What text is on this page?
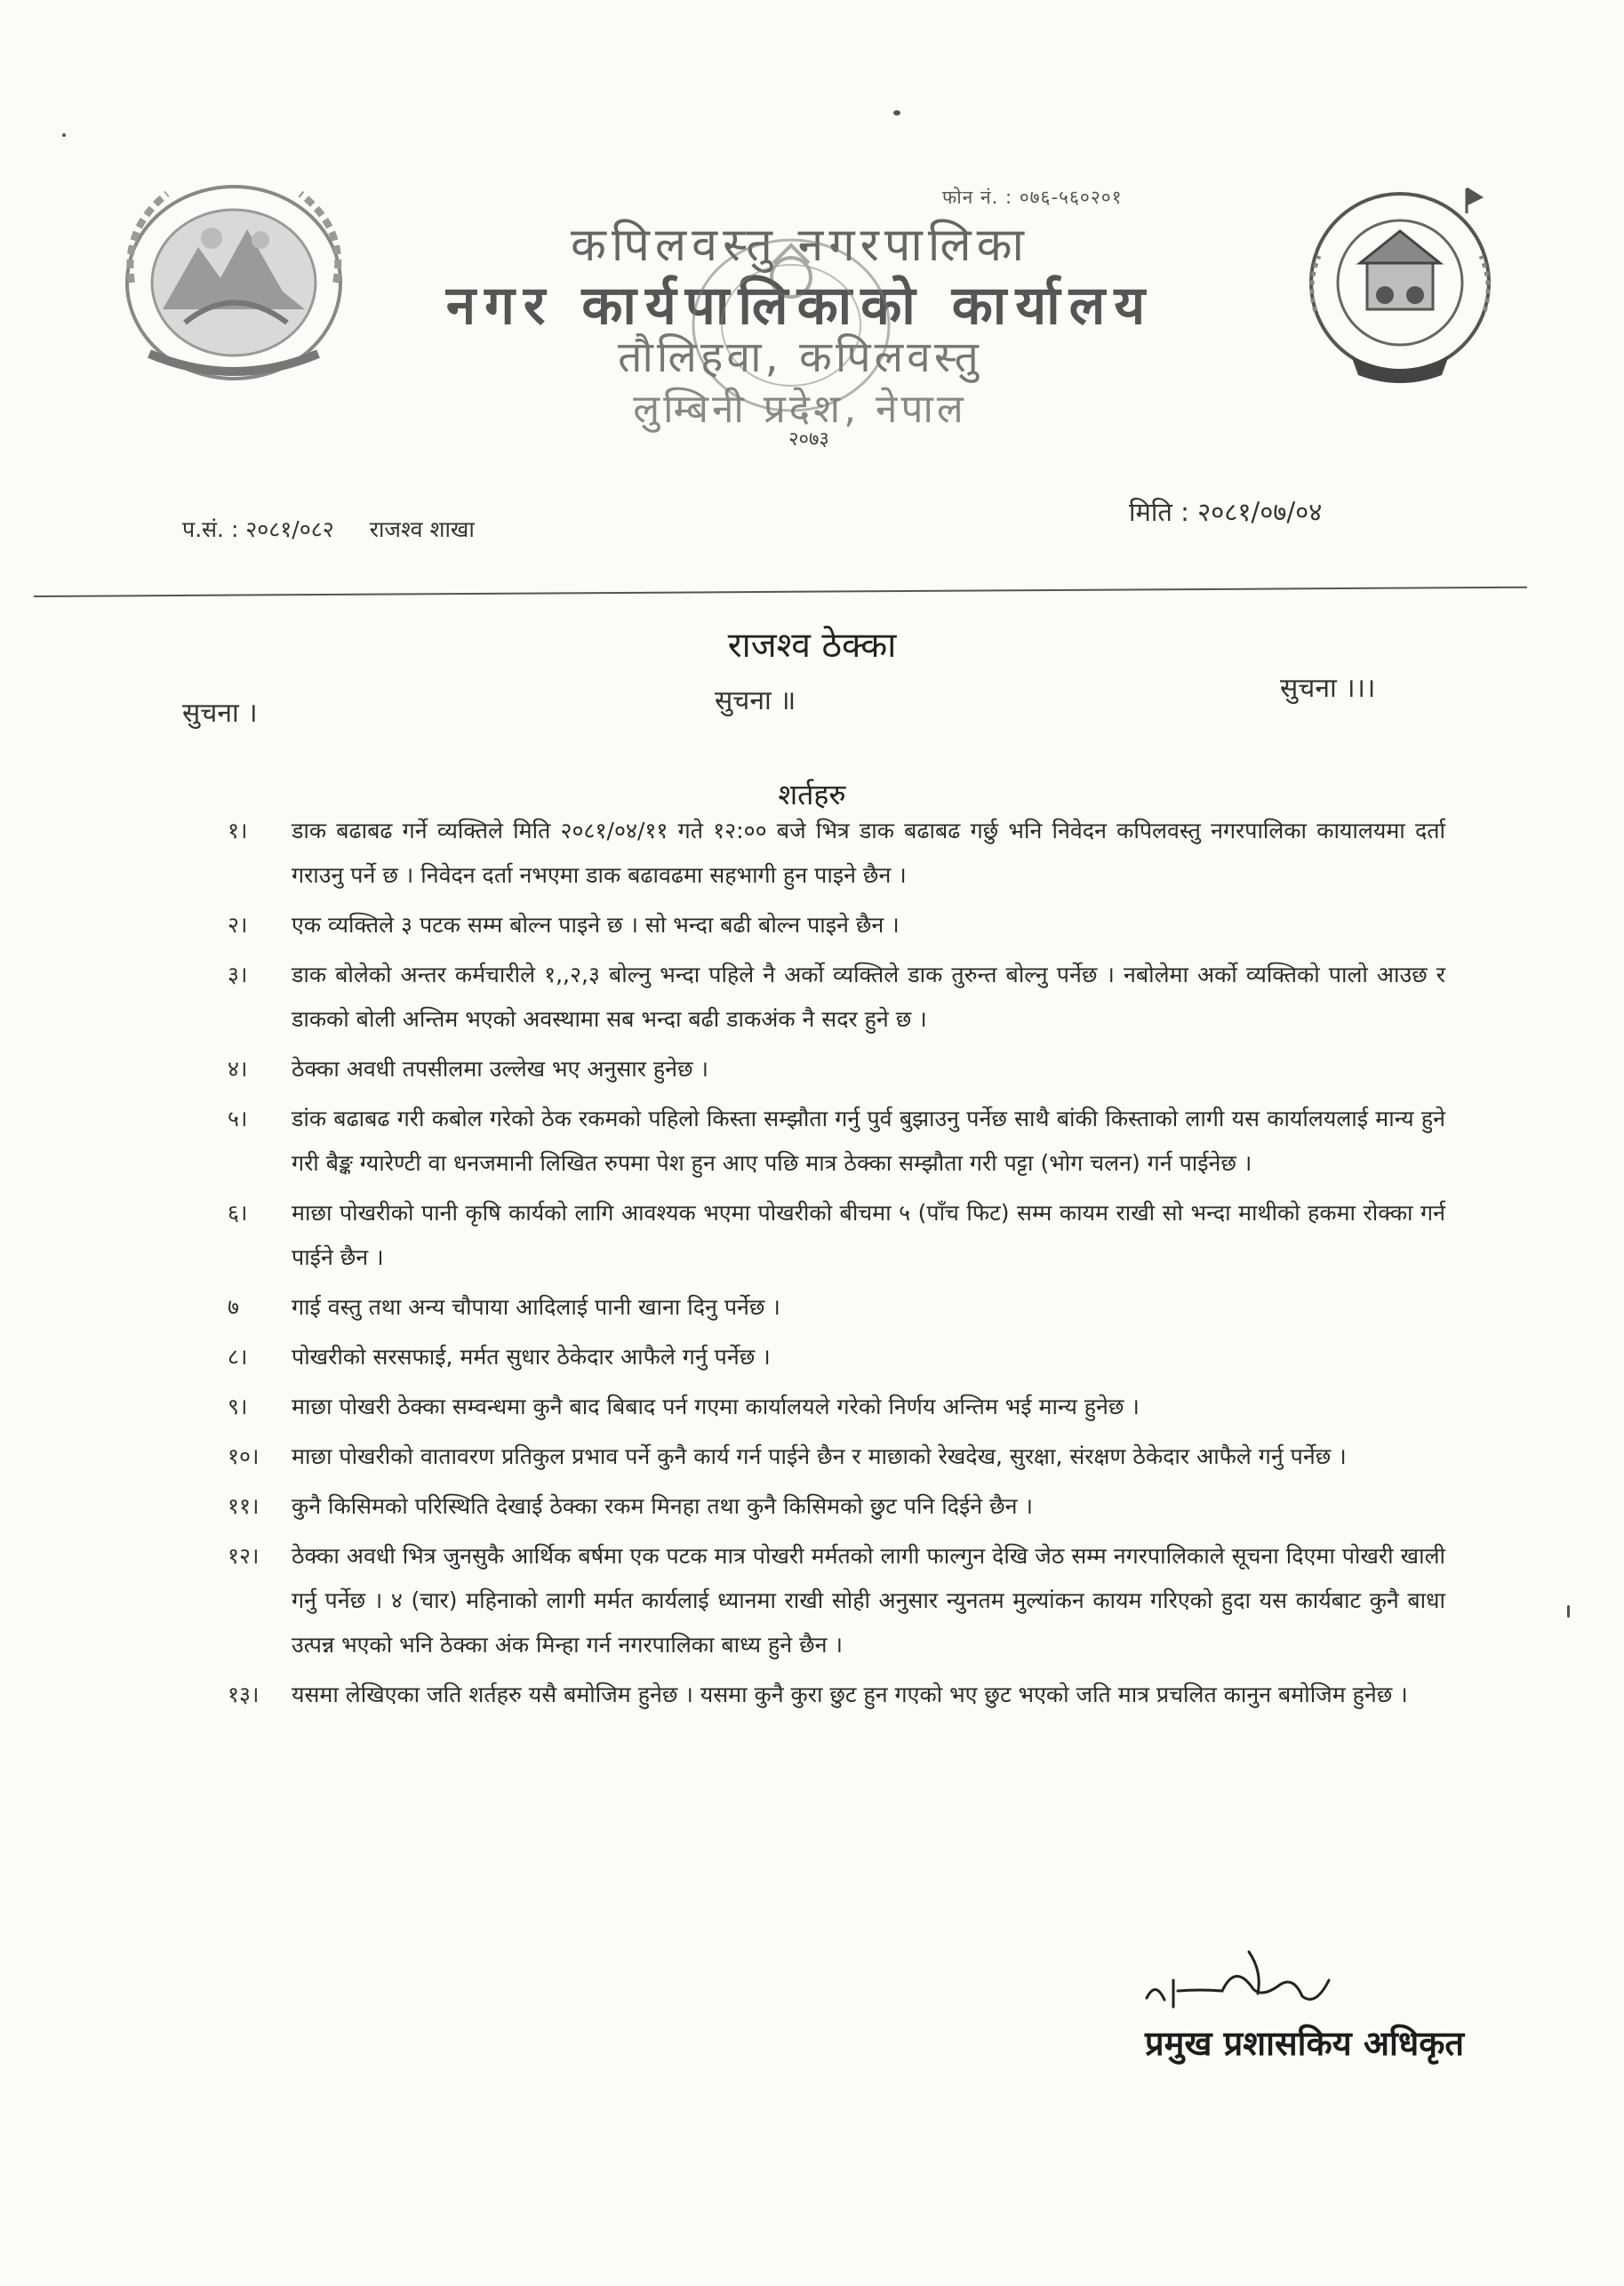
फोन नं. : ०७६-५६०२०१
कपिलवस्तु नगरपालिका
नगर कार्यपालिकाको कार्यालय
तौलिहवा, कपिलवस्तु
लुम्बिनी प्रदेश, नेपाल
२०७३
प.सं. : २०८१/०८२ राजश्व शाखा
मिति : २०८१/०७/०४
राजश्व ठेक्का
सुचना ।	सुचना ॥	सुचना ।।।
शर्तहरु
१।	डाक बढाबढ गर्ने व्यक्तिले मिति २०८१/०४/११ गते १२:०० बजे भित्र डाक बढाबढ गर्छु भनि निवेदन कपिलवस्तु नगरपालिका कायालयमा दर्ता गराउनु पर्ने छ । निवेदन दर्ता नभएमा डाक बढावढमा सहभागी हुन पाइने छैन ।
२।	एक व्यक्तिले ३ पटक सम्म बोल्न पाइने छ । सो भन्दा बढी बोल्न पाइने छैन ।
३।	डाक बोलेको अन्तर कर्मचारीले १,,२,३ बोल्नु भन्दा पहिले नै अर्को व्यक्तिले डाक तुरुन्त बोल्नु पर्नेछ । नबोलेमा अर्को व्यक्तिको पालो आउछ र डाकको बोली अन्तिम भएको अवस्थामा सब भन्दा बढी डाकअंक नै सदर हुने छ ।
४।	ठेक्का अवधी तपसीलमा उल्लेख भए अनुसार हुनेछ ।
५।	डांक बढाबढ गरी कबोल गरेको ठेक रकमको पहिलो किस्ता सम्झौता गर्नु पुर्व बुझाउनु पर्नेछ साथै बांकी किस्ताको लागी यस कार्यालयलाई मान्य हुने गरी बैङ्क ग्यारेण्टी वा धनजमानी लिखित रुपमा पेश हुन आए पछि मात्र ठेक्का सम्झौता गरी पट्टा (भोग चलन) गर्न पाईनेछ ।
६।	माछा पोखरीको पानी कृषि कार्यको लागि आवश्यक भएमा पोखरीको बीचमा ५ (पाँच फिट) सम्म कायम राखी सो भन्दा माथीको हकमा रोक्का गर्न पाईने छैन ।
७	गाई वस्तु तथा अन्य चौपाया आदिलाई पानी खाना दिनु पर्नेछ ।
८।	पोखरीको सरसफाई, मर्मत सुधार ठेकेदार आफैले गर्नु पर्नेछ ।
९।	माछा पोखरी ठेक्का सम्वन्धमा कुनै बाद बिबाद पर्न गएमा कार्यालयले गरेको निर्णय अन्तिम भई मान्य हुनेछ ।
१०।	माछा पोखरीको वातावरण प्रतिकुल प्रभाव पर्ने कुनै कार्य गर्न पाईने छैन र माछाको रेखदेख, सुरक्षा, संरक्षण ठेकेदार आफैले गर्नु पर्नेछ ।
११।	कुनै किसिमको परिस्थिति देखाई ठेक्का रकम मिनहा तथा कुनै किसिमको छुट पनि दिईने छैन ।
१२।	ठेक्का अवधी भित्र जुनसुकै आर्थिक बर्षमा एक पटक मात्र पोखरी मर्मतको लागी फाल्गुन देखि जेठ सम्म नगरपालिकाले सूचना दिएमा पोखरी खाली गर्नु पर्नेछ । ४ (चार) महिनाको लागी मर्मत कार्यलाई ध्यानमा राखी सोही अनुसार न्युनतम मुल्यांकन कायम गरिएको हुदा यस कार्यबाट कुनै बाधा उत्पन्न भएको भनि ठेक्का अंक मिन्हा गर्न नगरपालिका बाध्य हुने छैन ।
१३।	यसमा लेखिएका जति शर्तहरु यसै बमोजिम हुनेछ । यसमा कुनै कुरा छुट हुन गएको भए छुट भएको जति मात्र प्रचलित कानुन बमोजिम हुनेछ ।
प्रमुख प्रशासकिय अधिकृत
